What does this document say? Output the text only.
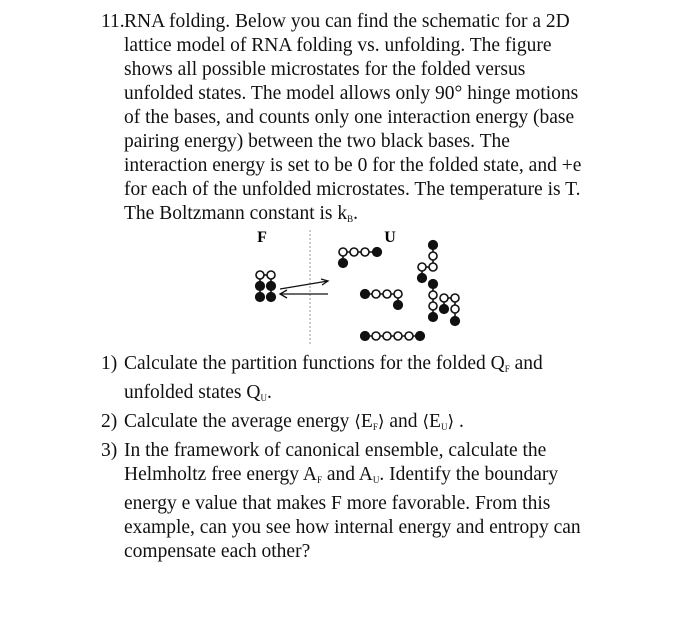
11. RNA folding. Below you can find the schematic for a 2D
lattice model of RNA folding vs. unfolding. The figure
shows all possible microstates for the folded versus
unfolded states. The model allows only 90° hinge motions
of the bases, and counts only one interaction energy (base
pairing energy) between the two black bases. The
interaction energy is set to be 0 for the folded state, and +e
for each of the unfolded microstates. The temperature is T.
The Boltzmann constant is $k_B$.
F	U
1) Calculate the partition functions for the folded $Q_F$ and
unfolded states $Q_U$.
2) Calculate the average energy $⟨E_F⟩$ and $⟨E_U⟩$ .
3) In the framework of canonical ensemble, calculate the
Helmholtz free energy $A_F$ and $A_U$. Identify the boundary
energy e value that makes F more favorable. From this
example, can you see how internal energy and entropy can
compensate each other?
